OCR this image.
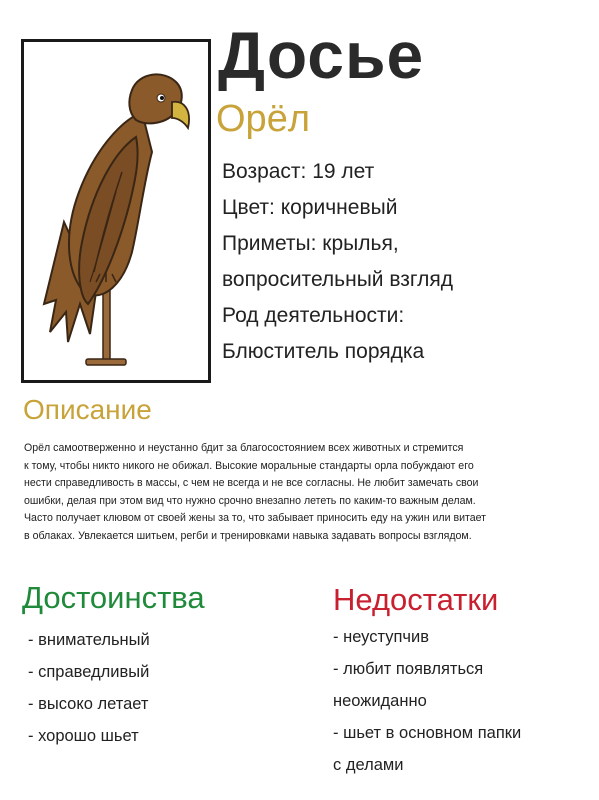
Досье
Орёл
Возраст: 19 лет
Цвет: коричневый
Приметы: крылья,
вопросительный взгляд
Род деятельности:
Блюститель порядка
Описание
Орёл самоотверженно и неустанно бдит за благосостоянием всех животных и стремится
к тому, чтобы никто никого не обижал. Высокие моральные стандарты орла побуждают его
нести справедливость в массы, с чем не всегда и не все согласны. Не любит замечать свои
ошибки, делая при этом вид что нужно срочно внезапно лететь по каким-то важным делам.
Часто получает клювом от своей жены за то, что забывает приносить еду на ужин или витает
в облаках. Увлекается шитьем, регби и тренировками навыка задавать вопросы взглядом.
Достоинства
- внимательный
- справедливый
- высоко летает
- хорошо шьет
Недостатки
- неуступчив
- любит появляться
неожиданно
- шьет в основном папки
с делами
